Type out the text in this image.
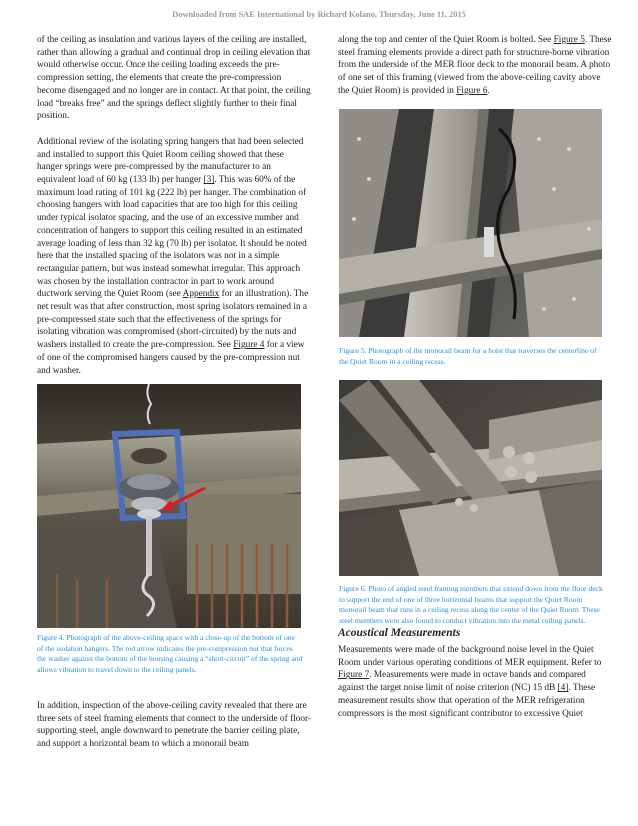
Downloaded from SAE International by Richard Kolano, Thursday, June 11, 2015

of the ceiling as insulation and various layers of the ceiling are installed, rather than allowing a gradual and continual drop in ceiling elevation that would otherwise occur. Once the ceiling loading exceeds the pre-compression setting, the elements that create the pre-compression become disengaged and no longer are in contact. At that point, the ceiling load “breaks free” and the springs deflect slightly further to their final position.

Additional review of the isolating spring hangers that had been selected and installed to support this Quiet Room ceiling showed that these hanger springs were pre-compressed by the manufacturer to an equivalent load of 60 kg (133 lb) per hanger [3]. This was 60% of the maximum load rating of 101 kg (222 lb) per hanger. The combination of choosing hangers with load capacities that are too high for this ceiling under typical isolator spacing, and the use of an excessive number and concentration of hangers to support this ceiling resulted in an estimated average loading of less than 32 kg (70 lb) per isolator. It should be noted here that the installed spacing of the isolators was not in a simple rectangular pattern, but was instead somewhat irregular. This approach was chosen by the installation contractor in part to work around ductwork serving the Quiet Room (see Appendix for an illustration). The net result was that after construction, most spring isolators remained in a pre-compressed state such that the effectiveness of the springs for isolating vibration was compromised (short-circuited) by the nuts and washers installed to create the pre-compression. See Figure 4 for a view of one of the compromised hangers caused by the pre-compression nut and washer.

Figure 4. Photograph of the above-ceiling space with a close-up of the bottom of one of the isolation hangers. The red arrow indicates the pre-compression nut that forces the washer against the bottom of the housing causing a “short-circuit” of the spring and allows vibration to travel down to the ceiling panels.

In addition, inspection of the above-ceiling cavity revealed that there are three sets of steel framing elements that connect to the underside of floor-supporting steel, angle downward to penetrate the barrier ceiling plate, and support a horizontal beam to which a monorail beam

along the top and center of the Quiet Room is bolted. See Figure 5. These steel framing elements provide a direct path for structure-borne vibration from the underside of the MER floor deck to the monorail beam. A photo of one set of this framing (viewed from the above-ceiling cavity above the Quiet Room) is provided in Figure 6.

Figure 5. Photograph of the monorail beam for a hoist that traverses the centerline of the Quiet Room in a ceiling recess.
Figure 6. Photo of angled steel framing members that extend down from the floor deck to support the end of one of three horizontal beams that support the Quiet Room monorail beam that runs in a ceiling recess along the center of the Quiet Room. These steel members were also found to conduct vibration into the metal ceiling panels.
Acoustical Measurements

Measurements were made of the background noise level in the Quiet Room under various operating conditions of MER equipment. Refer to Figure 7. Measurements were made in octave bands and compared against the target noise limit of noise criterion (NC) 15 dB [4]. These measurement results show that operation of the MER refrigeration compressors is the most significant contributor to excessive Quiet
